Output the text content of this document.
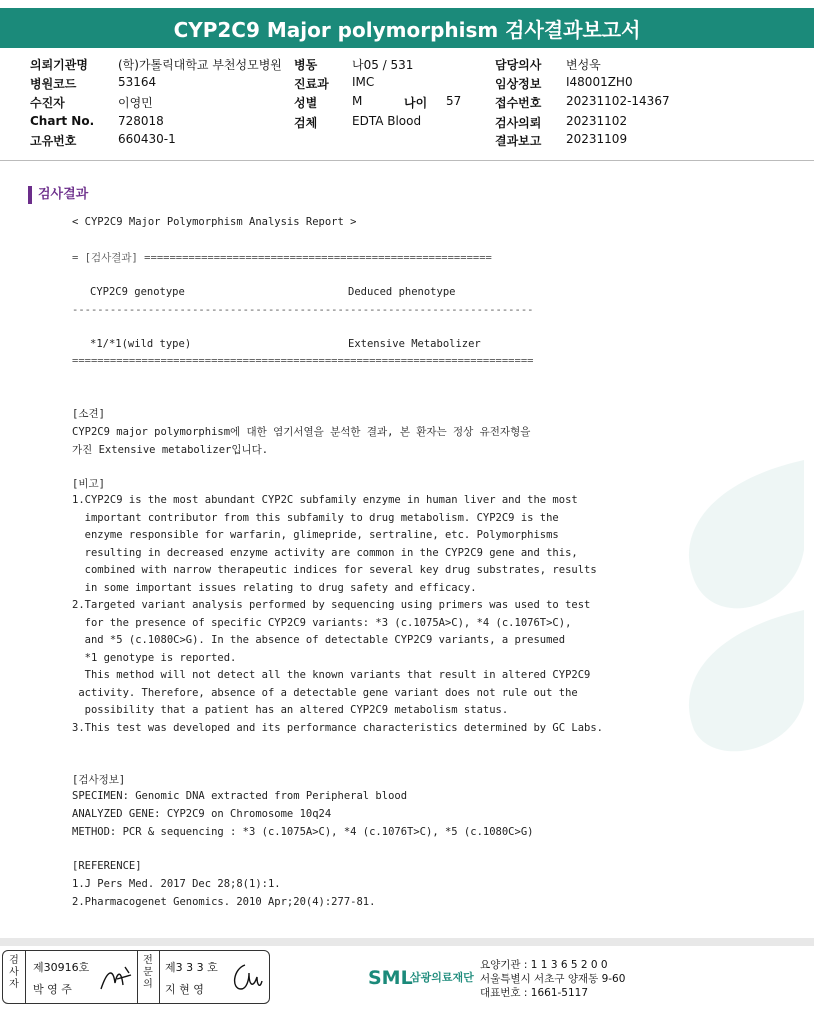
CYP2C9 Major polymorphism 검사결과보고서
의뢰기관명	(학)가톨릭대학교 부천성모병원 병동	나05 / 531	담당의사 변성욱
병원코드	53164	진료과 IMC	임상정보 I48001ZH0
수진자	이영민	성별	M	나이 57	접수번호 20231102-14367
Chart No. 728018	검체	EDTA Blood	검사의뢰 20231102
고유번호	660430-1	결과보고 20231109
검사결과
< CYP2C9 Major Polymorphism Analysis Report >
= [검사결과] =======================================================
CYP2C9 genotype	Deduced phenotype
-------------------------------------------------------------------------
*1/*1(wild type)	Extensive Metabolizer
=========================================================================
[소견]
CYP2C9 major polymorphism에 대한 염기서열을 분석한 결과, 본 환자는 정상 유전자형을
가진 Extensive metabolizer입니다.
[비고]
1.CYP2C9 is the most abundant CYP2C subfamily enzyme in human liver and the most
important contributor from this subfamily to drug metabolism. CYP2C9 is the
enzyme responsible for warfarin, glimepride, sertraline, etc. Polymorphisms
resulting in decreased enzyme activity are common in the CYP2C9 gene and this,
combined with narrow therapeutic indices for several key drug substrates, results
in some important issues relating to drug safety and efficacy.
2.Targeted variant analysis performed by sequencing using primers was used to test
for the presence of specific CYP2C9 variants: *3 (c.1075A>C), *4 (c.1076T>C),
and *5 (c.1080C>G). In the absence of detectable CYP2C9 variants, a presumed
*1 genotype is reported.
This method will not detect all the known variants that result in altered CYP2C9
activity. Therefore, absence of a detectable gene variant does not rule out the
possibility that a patient has an altered CYP2C9 metabolism status.
3.This test was developed and its performance characteristics determined by GC Labs.
[검사정보]
SPECIMEN: Genomic DNA extracted from Peripheral blood
ANALYZED GENE: CYP2C9 on Chromosome 10q24
METHOD: PCR & sequencing : *3 (c.1075A>C), *4 (c.1076T>C), *5 (c.1080C>G)
[REFERENCE]
1.J Pers Med. 2017 Dec 28;8(1):1.
2.Pharmacogenet Genomics. 2010 Apr;20(4):277-81.
검사자
제30916호
박 영 주
전문의
제3 3 3 호
지 현 영
SML
삼광의료재단
요양기관 : 1 1 3 6 5 2 0 0
서울특별시 서초구 양재동 9-60
대표번호 : 1661-5117
